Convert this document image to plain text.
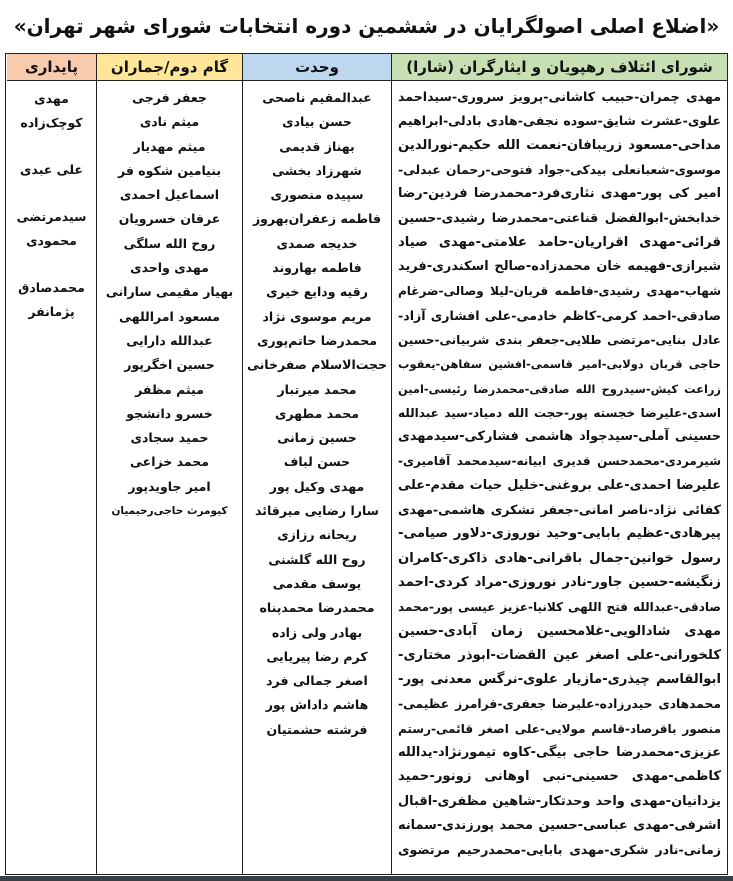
«اضلاع اصلی اصولگرایان در ششمین دوره انتخابات شورای شهر تهران»
شورای ائتلاف رهپویان و ایثارگران (شارا)
مهدی چمران-حبیب کاشانی-پرویز سروری-سیداحمد
علوی-عشرت شایق-سوده نجفی-هادی بادلی-ابراهیم
مداحی-مسعود زریبافان-نعمت الله حکیم-نورالدین
موسوی-شعبانعلی بیدکی-جواد فتوحی-رحمان عبدلی-
امیر کی پور-مهدی نثاری‌فرد-محمدرضا فردین-رضا
خدابخش-ابوالفضل قناعتی-محمدرضا رشیدی-حسین
قرائی-مهدی اقراریان-حامد علامتی-مهدی صیاد
شیرازی-فهیمه خان محمدزاده-صالح اسکندری-فرید
شهاب-مهدی رشیدی-فاطمه قربان-لیلا وصالی-ضرغام
صادقی-احمد کرمی-کاظم خادمی-علی افشاری آزاد-
عادل بنایی-مرتضی طلایی-جعفر بندی شربیانی-حسین
حاجی قربان دولابی-امیر قاسمی-افشین سفاهن-یعقوب
زراعت کیش-سیدروح الله صادقی-محمدرضا رئیسی-امین
اسدی-علیرضا خجسته پور-حجت الله دمیاد-سید عبدالله
حسینی آملی-سیدجواد هاشمی فشارکی-سیدمهدی
شیرمردی-محمدحسن قدیری ابیانه-سیدمحمد آقامیری-
علیرضا احمدی-علی بروغنی-خلیل حیات مقدم-علی
کفائی نژاد-ناصر امانی-جعفر تشکری هاشمی-مهدی
پیرهادی-عظیم بابایی-وحید نوروزی-دلاور صیامی-
رسول خوانین-جمال باقرانی-هادی ذاکری-کامران
زنگیشه-حسین جاور-نادر نوروزی-مراد کردی-احمد
صادقی-عبدالله فتح اللهی کلانیا-عزیز عیسی پور-محمد
مهدی شادالویی-غلامحسین زمان آبادی-حسین
کلخورانی-علی اصغر عین القضات-ابوذر مختاری-
ابوالقاسم چیذری-مازیار علوی-نرگس معدنی پور-
محمدهادی حیدرزاده-علیرضا جعفری-فرامرز عظیمی-
منصور باقرصاد-قاسم مولایی-علی اصغر قائمی-رستم
عزیزی-محمدرضا حاجی بیگی-کاوه تیمورنژاد-یدالله
کاظمی-مهدی حسینی-نبی اوهانی زونور-حمید
یزدانیان-مهدی واحد وحدتکار-شاهین مظفری-اقبال
اشرفی-مهدی عباسی-حسین محمد پورزندی-سمانه
زمانی-نادر شکری-مهدی بابایی-محمدرحیم مرتضوی
وحدت
عبدالمقیم ناصحی
حسن بیادی
بهناز قدیمی
شهرزاد بخشی
سپیده منصوری
فاطمه زعفران‌بهروز
خدیجه صمدی
فاطمه بهاروند
رقیه ودایع خیری
مریم موسوی نژاد
محمدرضا حاتم‌پوری
حجت‌الاسلام صفرخانی
محمد میرتبار
محمد مطهری
حسین زمانی
حسن لباف
مهدی وکیل پور
سارا رضایی میرقائد
ریحانه رزازی
روح الله گلشنی
یوسف مقدمی
محمدرضا محمدپناه
بهادر ولی زاده
کرم رضا پیریایی
اصغر جمالی فرد
هاشم داداش پور
فرشته حشمتیان
گام دوم/جماران
جعفر فرجی
میثم نادی
میثم مهدیار
بنیامین شکوه فر
اسماعیل احمدی
عرفان خسرویان
روح الله سلگی
مهدی واحدی
بهیار مقیمی سارانی
مسعود امراللهی
عبدالله دارایی
حسین اخگرپور
میثم مظفر
خسرو دانشجو
حمید سجادی
محمد خزاعی
امیر جاویدپور
کیومرث حاجی‌رحیمیان
پایداری
مهدی کوچک‌زاده
علی عبدی
سیدمرتضی محمودی
محمدصادق پژمانفر
